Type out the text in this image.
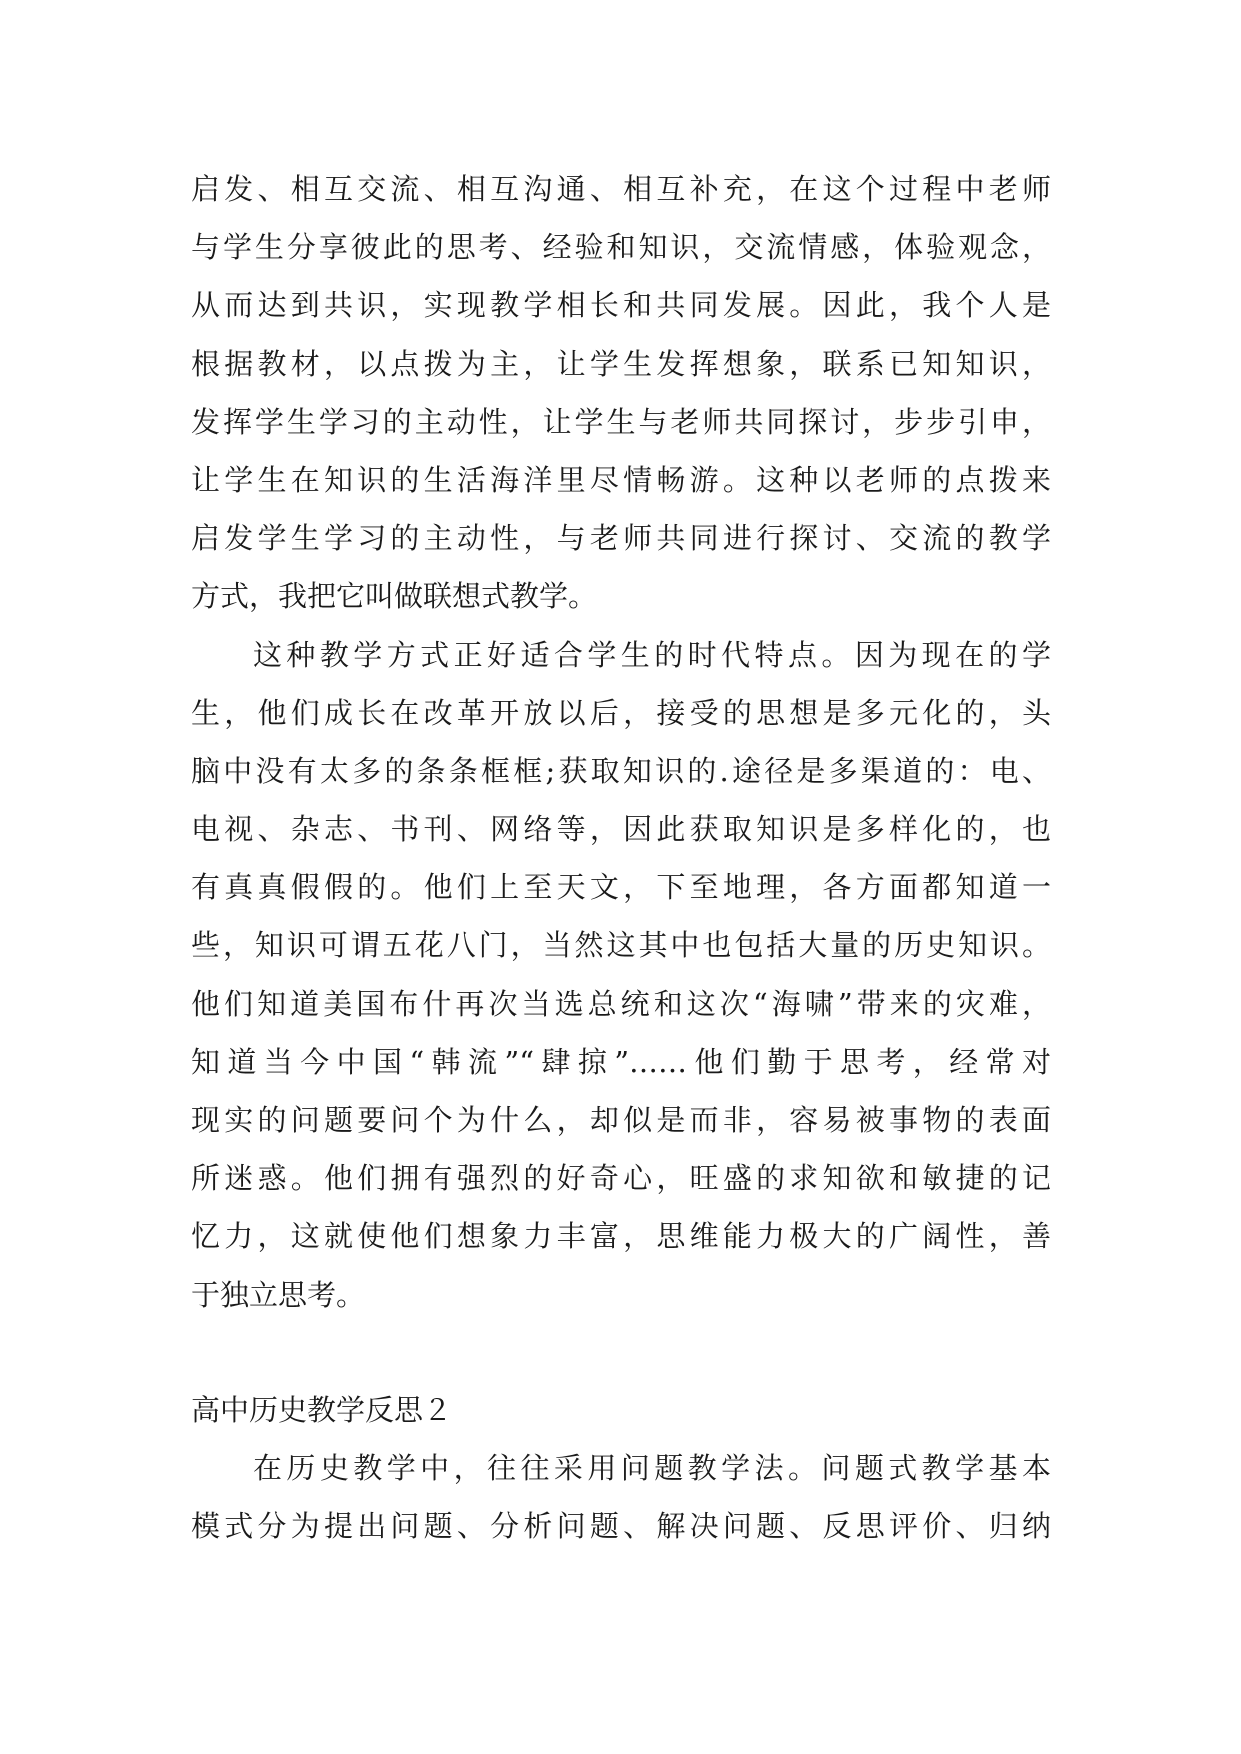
启发、相互交流、相互沟通、相互补充，在这个过程中老师
与学生分享彼此的思考、经验和知识，交流情感，体验观念，
从而达到共识，实现教学相长和共同发展。因此，我个人是
根据教材，以点拨为主，让学生发挥想象，联系已知知识，
发挥学生学习的主动性，让学生与老师共同探讨，步步引申，
让学生在知识的生活海洋里尽情畅游。这种以老师的点拨来
启发学生学习的主动性，与老师共同进行探讨、交流的教学
方式，我把它叫做联想式教学。
这种教学方式正好适合学生的时代特点。因为现在的学
生，他们成长在改革开放以后，接受的思想是多元化的，头
脑中没有太多的条条框框;获取知识的.途径是多渠道的：电、
电视、杂志、书刊、网络等，因此获取知识是多样化的，也
有真真假假的。他们上至天文，下至地理，各方面都知道一
些，知识可谓五花八门，当然这其中也包括大量的历史知识。
他们知道美国布什再次当选总统和这次“海啸”带来的灾难，
知道当今中国“韩流”“肆掠”……他们勤于思考，经常对
现实的问题要问个为什么，却似是而非，容易被事物的表面
所迷惑。他们拥有强烈的好奇心，旺盛的求知欲和敏捷的记
忆力，这就使他们想象力丰富，思维能力极大的广阔性，善
于独立思考。
高中历史教学反思２
在历史教学中，往往采用问题教学法。问题式教学基本
模式分为提出问题、分析问题、解决问题、反思评价、归纳
